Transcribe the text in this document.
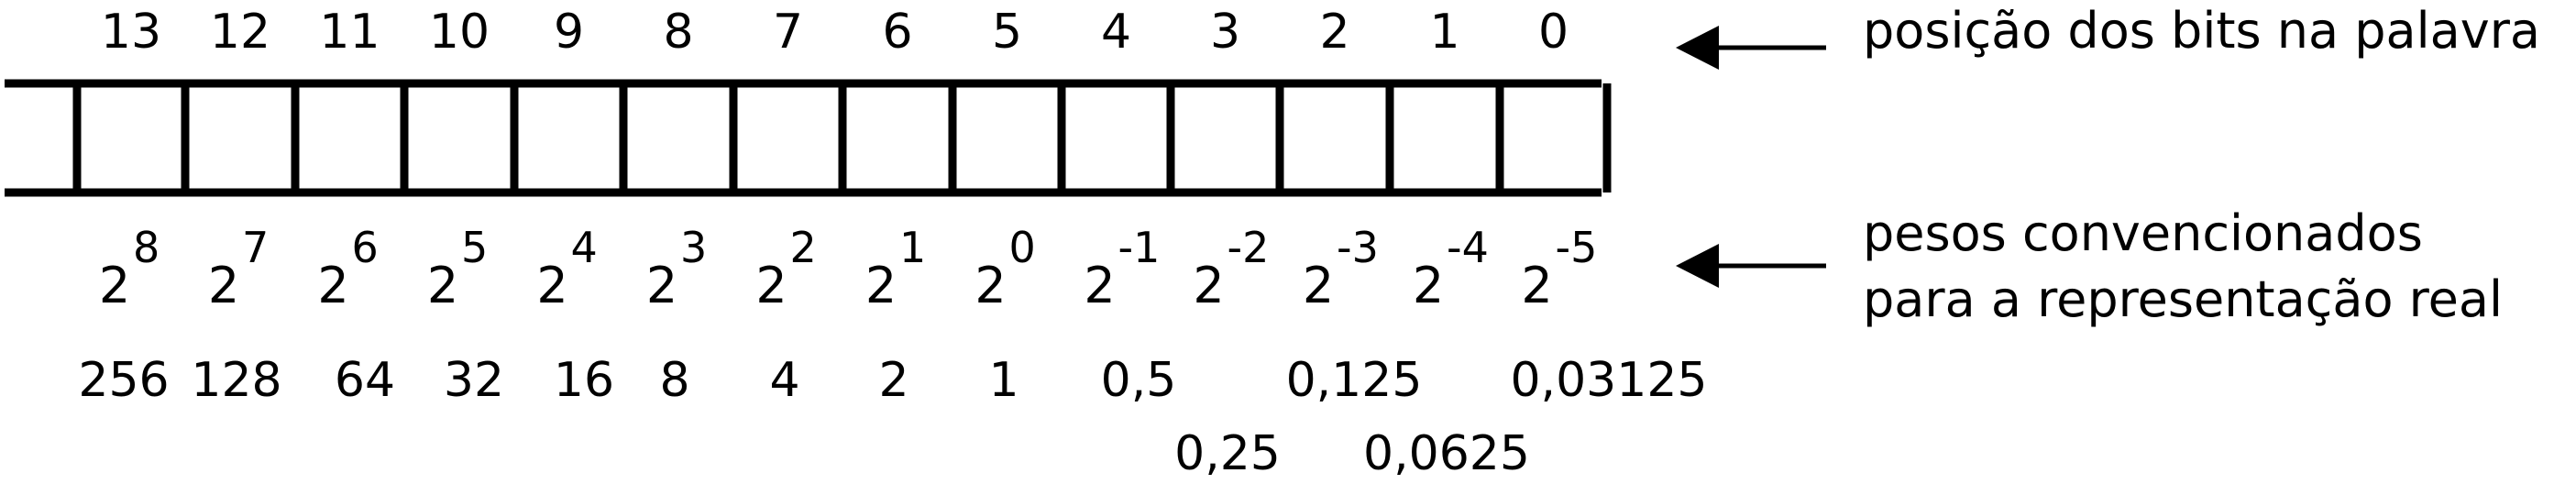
13 12 11 10 9 8 7 6 5 4 3 2 1 0
2
8
2
7
2
6
2
5
2
4
2
3
2
2
2
1
2
0
2
-1
2
-2
2
-3
2
-4
2
-5
256 128 64 32 16 8 4 2 1 0,5 0,125 0,03125
0,25 0,0625
posição dos bits na palavra
pesos convencionados
para a representação real
